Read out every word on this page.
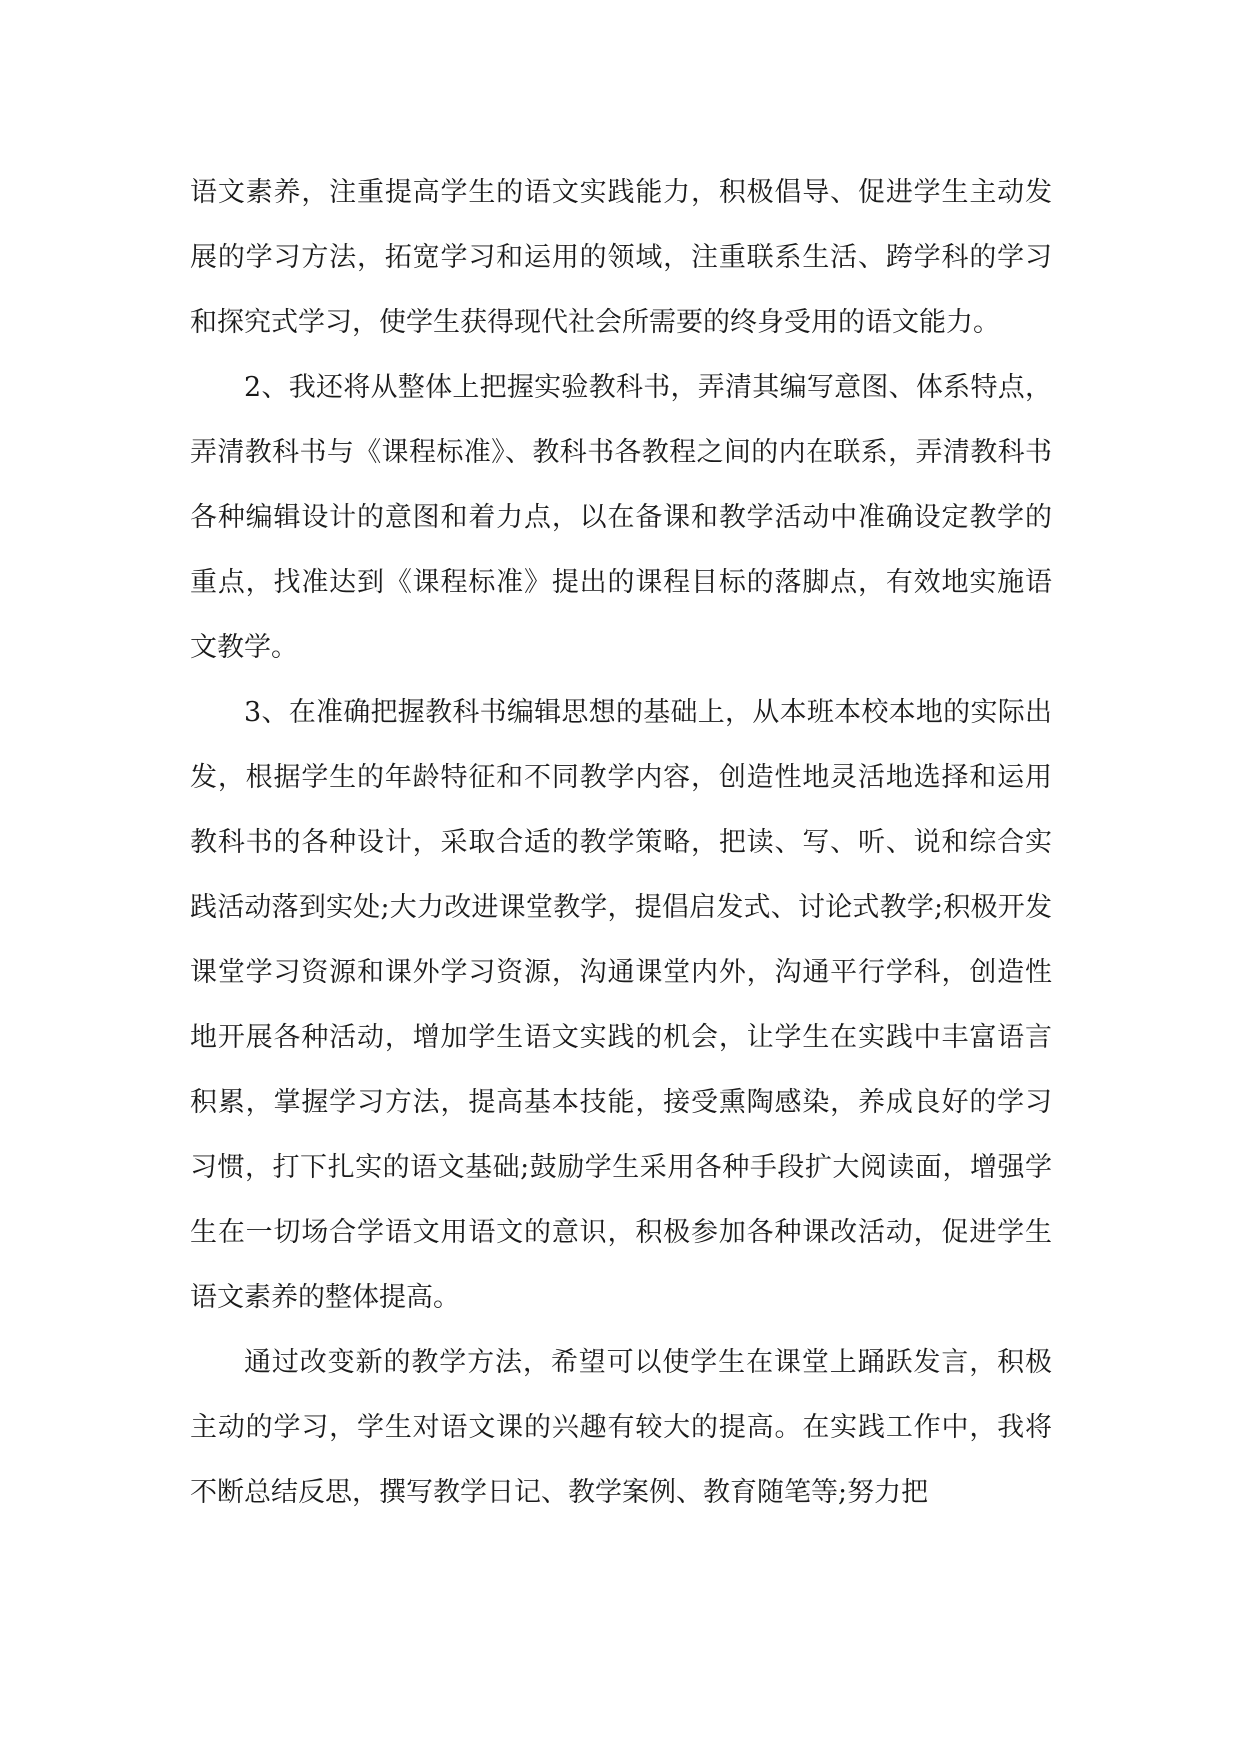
语文素养，注重提高学生的语文实践能力，积极倡导、促进学生主动发展的学习方法，拓宽学习和运用的领域，注重联系生活、跨学科的学习和探究式学习，使学生获得现代社会所需要的终身受用的语文能力。

2、我还将从整体上把握实验教科书，弄清其编写意图、体系特点，弄清教科书与《课程标准》、教科书各教程之间的内在联系，弄清教科书各种编辑设计的意图和着力点，以在备课和教学活动中准确设定教学的重点，找准达到《课程标准》提出的课程目标的落脚点，有效地实施语文教学。

3、在准确把握教科书编辑思想的基础上，从本班本校本地的实际出发，根据学生的年龄特征和不同教学内容，创造性地灵活地选择和运用教科书的各种设计，采取合适的教学策略，把读、写、听、说和综合实践活动落到实处;大力改进课堂教学，提倡启发式、讨论式教学;积极开发课堂学习资源和课外学习资源，沟通课堂内外，沟通平行学科，创造性地开展各种活动，增加学生语文实践的机会，让学生在实践中丰富语言积累，掌握学习方法，提高基本技能，接受熏陶感染，养成良好的学习习惯，打下扎实的语文基础;鼓励学生采用各种手段扩大阅读面，增强学生在一切场合学语文用语文的意识，积极参加各种课改活动，促进学生语文素养的整体提高。

通过改变新的教学方法，希望可以使学生在课堂上踊跃发言，积极主动的学习，学生对语文课的兴趣有较大的提高。在实践工作中，我将不断总结反思，撰写教学日记、教学案例、教育随笔等;努力把
